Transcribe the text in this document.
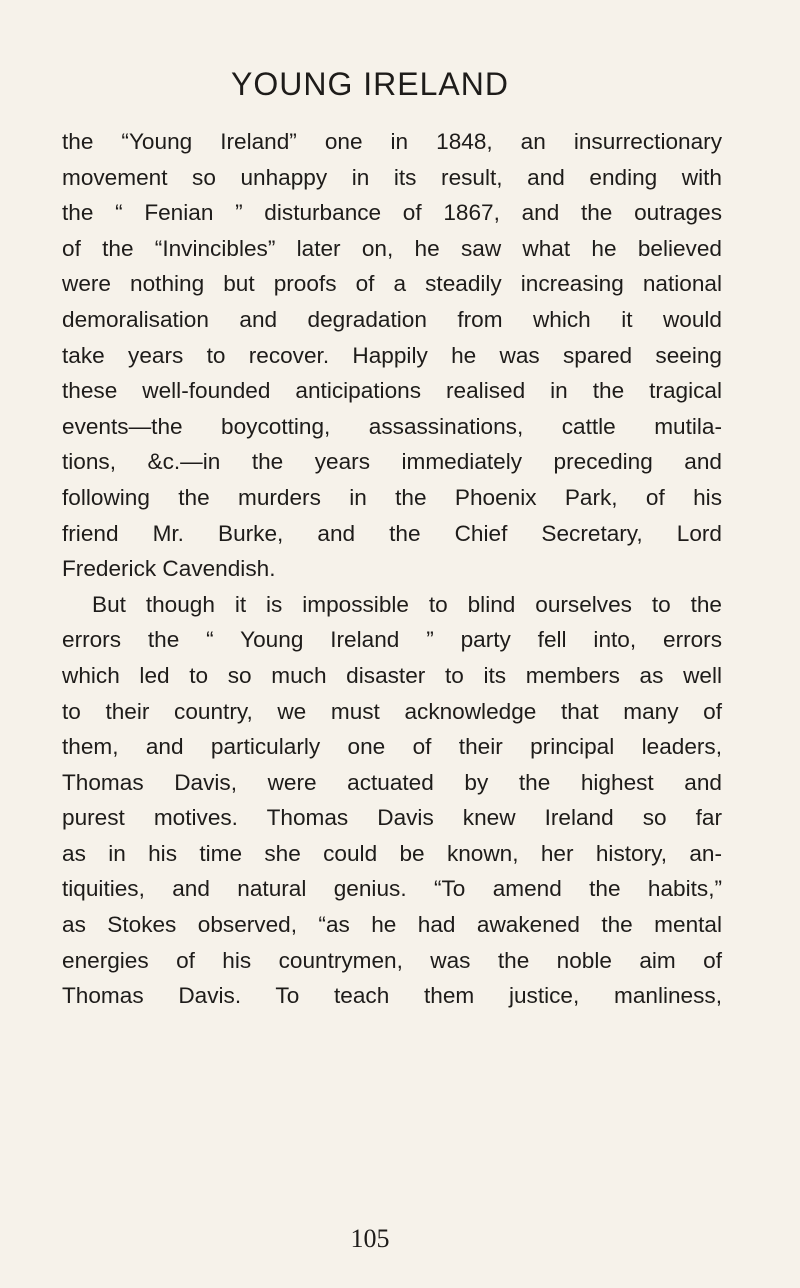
YOUNG IRELAND
the “Young Ireland” one in 1848, an insurrectionary
movement so unhappy in its result, and ending with
the “ Fenian ” disturbance of 1867, and the outrages
of the “Invincibles” later on, he saw what he believed
were nothing but proofs of a steadily increasing national
demoralisation and degradation from which it would
take years to recover. Happily he was spared seeing
these well-founded anticipations realised in the tragical
events—the boycotting, assassinations, cattle mutila-
tions, &c.—in the years immediately preceding and
following the murders in the Phoenix Park, of his
friend Mr. Burke, and the Chief Secretary, Lord
Frederick Cavendish.
But though it is impossible to blind ourselves to the
errors the “ Young Ireland ” party fell into, errors
which led to so much disaster to its members as well
to their country, we must acknowledge that many of
them, and particularly one of their principal leaders,
Thomas Davis, were actuated by the highest and
purest motives. Thomas Davis knew Ireland so far
as in his time she could be known, her history, an-
tiquities, and natural genius. “To amend the habits,”
as Stokes observed, “as he had awakened the mental
energies of his countrymen, was the noble aim of
Thomas Davis. To teach them justice, manliness,
105
